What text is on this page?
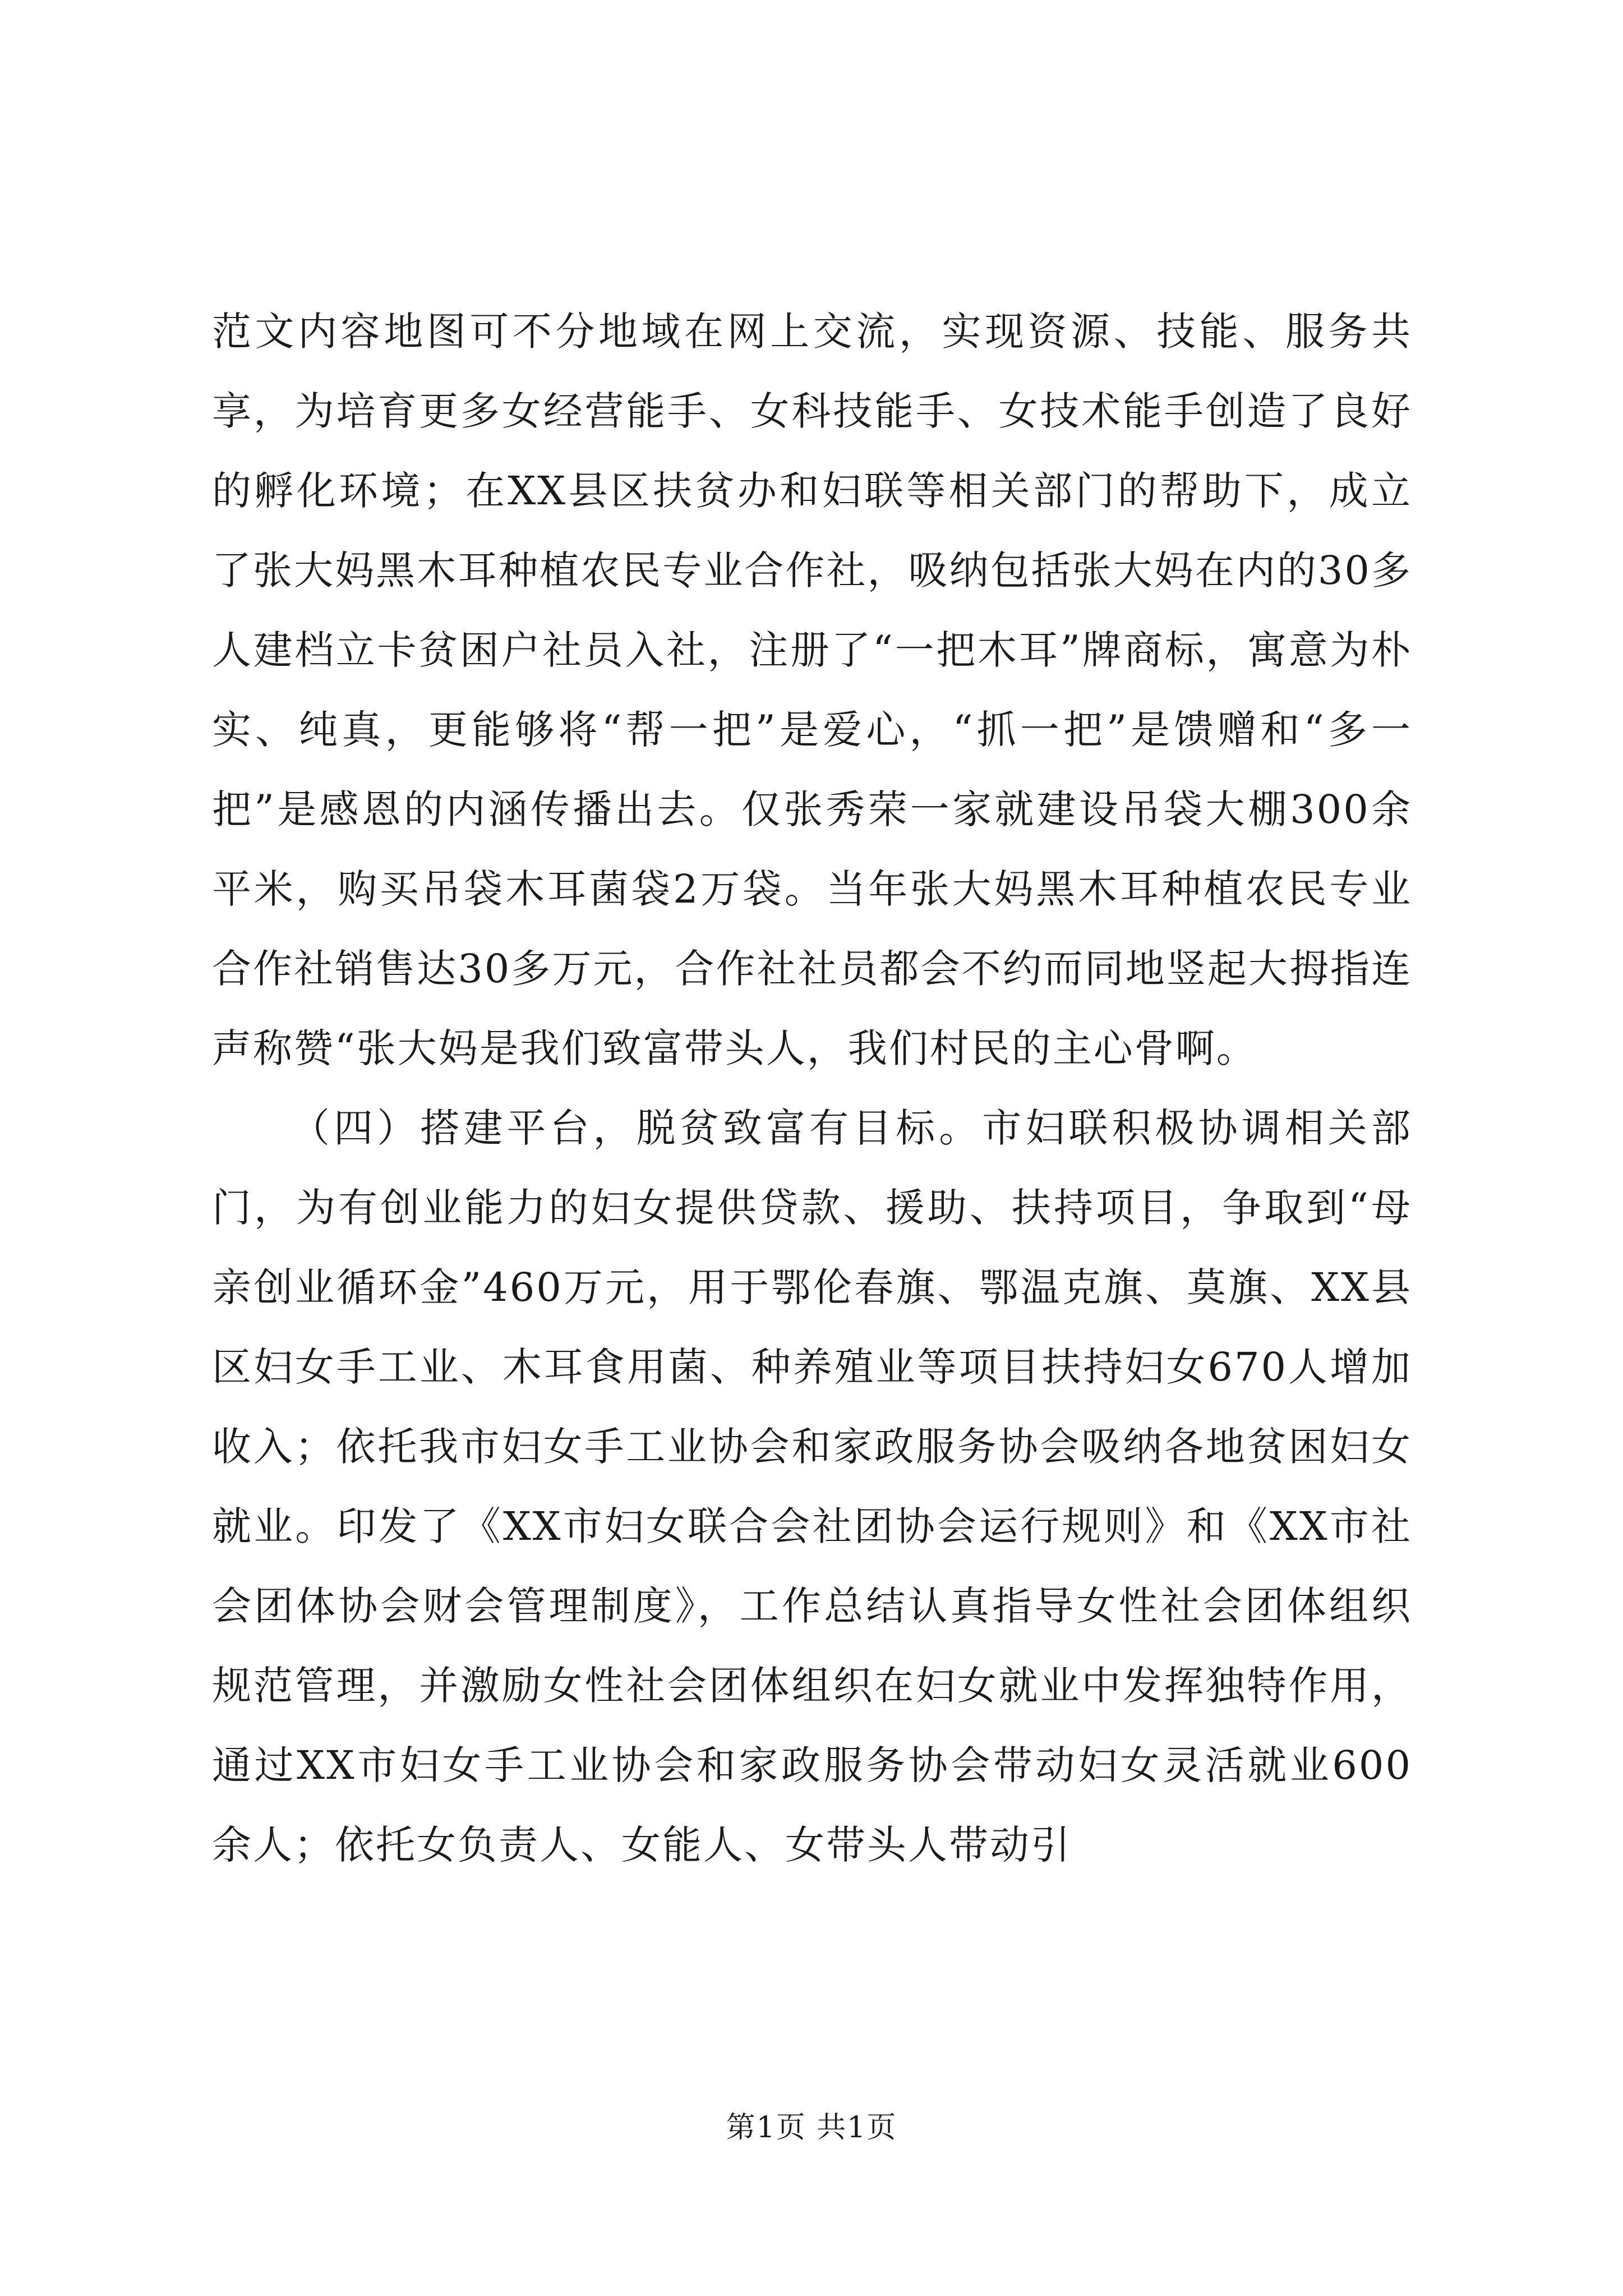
范文内容地图可不分地域在网上交流，实现资源、技能、服务共享，为培育更多女经营能手、女科技能手、女技术能手创造了良好的孵化环境；在XX县区扶贫办和妇联等相关部门的帮助下，成立了张大妈黑木耳种植农民专业合作社，吸纳包括张大妈在内的30多人建档立卡贫困户社员入社，注册了“一把木耳”牌商标，寓意为朴实、纯真，更能够将“帮一把”是爱心，“抓一把”是馈赠和“多一把”是感恩的内涵传播出去。仅张秀荣一家就建设吊袋大棚300余平米，购买吊袋木耳菌袋2万袋。当年张大妈黑木耳种植农民专业合作社销售达30多万元，合作社社员都会不约而同地竖起大拇指连声称赞“张大妈是我们致富带头人，我们村民的主心骨啊。

（四）搭建平台，脱贫致富有目标。市妇联积极协调相关部门，为有创业能力的妇女提供贷款、援助、扶持项目，争取到“母亲创业循环金”460万元，用于鄂伦春旗、鄂温克旗、莫旗、XX县区妇女手工业、木耳食用菌、种养殖业等项目扶持妇女670人增加收入；依托我市妇女手工业协会和家政服务协会吸纳各地贫困妇女就业。印发了《XX市妇女联合会社团协会运行规则》和《XX市社会团体协会财会管理制度》，工作总结认真指导女性社会团体组织规范管理，并激励女性社会团体组织在妇女就业中发挥独特作用，通过XX市妇女手工业协会和家政服务协会带动妇女灵活就业600余人；依托女负责人、女能人、女带头人带动引

第1页 共1页
